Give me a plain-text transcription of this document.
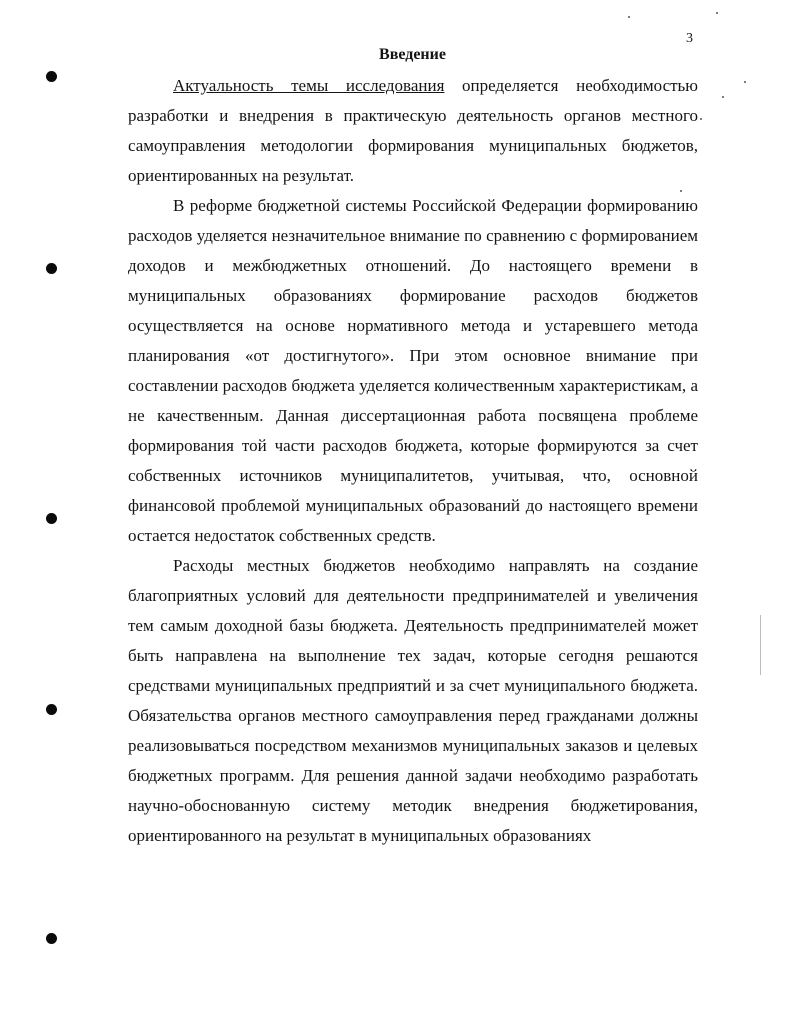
3
Введение

Актуальность темы исследования определяется необходимостью разработки и внедрения в практическую деятельность органов местного самоуправления методологии формирования муниципальных бюджетов, ориентированных на результат.

В реформе бюджетной системы Российской Федерации формированию расходов уделяется незначительное внимание по сравнению с формированием доходов и межбюджетных отношений. До настоящего времени в муниципальных образованиях формирование расходов бюджетов осуществляется на основе нормативного метода и устаревшего метода планирования «от достигнутого». При этом основное внимание при составлении расходов бюджета уделяется количественным характеристикам, а не качественным. Данная диссертационная работа посвящена проблеме формирования той части расходов бюджета, которые формируются за счет собственных источников муниципалитетов, учитывая, что, основной финансовой проблемой муниципальных образований до настоящего времени остается недостаток собственных средств.

Расходы местных бюджетов необходимо направлять на создание благоприятных условий для деятельности предпринимателей и увеличения тем самым доходной базы бюджета. Деятельность предпринимателей может быть направлена на выполнение тех задач, которые сегодня решаются средствами муниципальных предприятий и за счет муниципального бюджета. Обязательства органов местного самоуправления перед гражданами должны реализовываться посредством механизмов муниципальных заказов и целевых бюджетных программ. Для решения данной задачи необходимо разработать научно-обоснованную систему методик внедрения бюджетирования, ориентированного на результат в муниципальных образованиях
